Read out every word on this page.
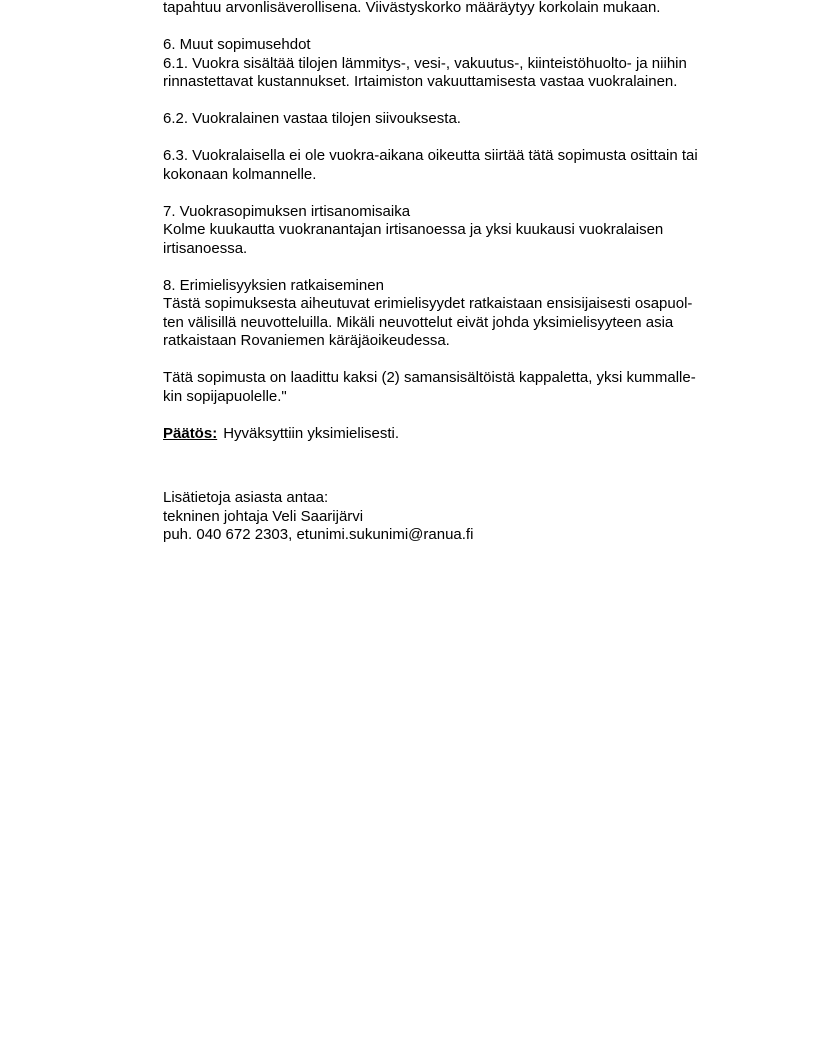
tapahtuu arvonlisäverollisena. Viivästyskorko määräytyy korkolain mukaan.
6. Muut sopimusehdot
6.1. Vuokra sisältää tilojen lämmitys-, vesi-, vakuutus-, kiinteistöhuolto- ja niihin
rinnastettavat kustannukset. Irtaimiston vakuuttamisesta vastaa vuokralainen.
6.2. Vuokralainen vastaa tilojen siivouksesta.
6.3. Vuokralaisella ei ole vuokra-aikana oikeutta siirtää tätä sopimusta osittain tai
kokonaan kolmannelle.
7. Vuokrasopimuksen irtisanomisaika
Kolme kuukautta vuokranantajan irtisanoessa ja yksi kuukausi vuokralaisen
irtisanoessa.
8. Erimielisyyksien ratkaiseminen
Tästä sopimuksesta aiheutuvat erimielisyydet ratkaistaan ensisijaisesti osapuol-
ten välisillä neuvotteluilla. Mikäli neuvottelut eivät johda yksimielisyyteen asia
ratkaistaan Rovaniemen käräjäoikeudessa.
Tätä sopimusta on laadittu kaksi (2) samansisältöistä kappaletta, yksi kummalle-
kin sopijapuolelle."
Päätös: Hyväksyttiin yksimielisesti.
Lisätietoja asiasta antaa:
tekninen johtaja Veli Saarijärvi
puh. 040 672 2303, etunimi.sukunimi@ranua.fi
